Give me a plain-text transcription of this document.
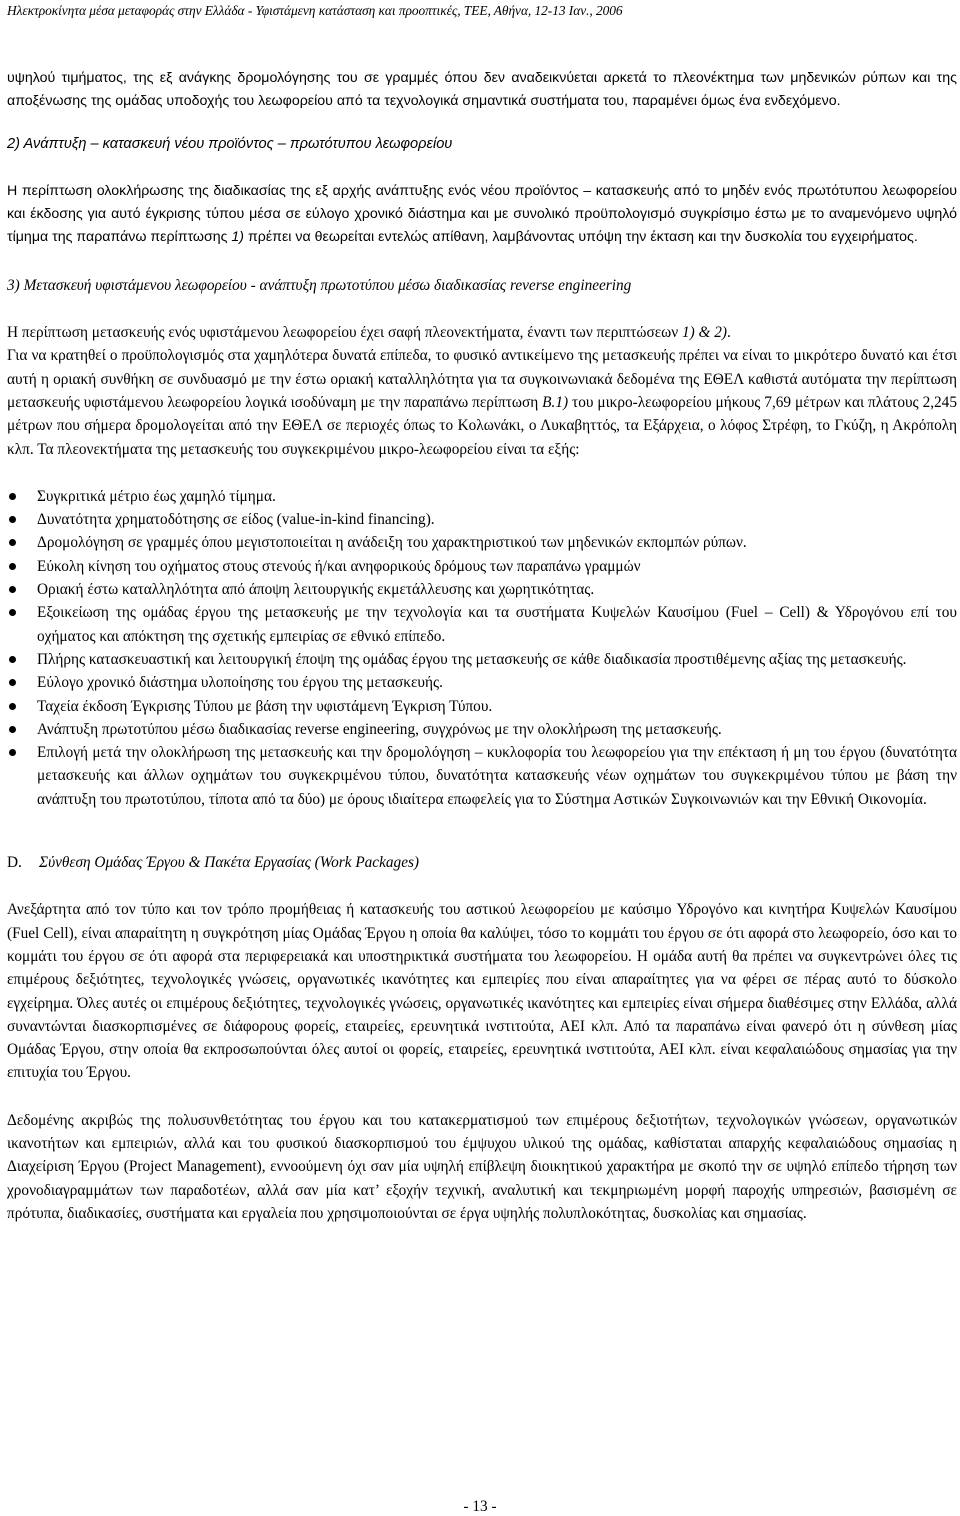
Ηλεκτροκίνητα μέσα μεταφοράς στην Ελλάδα - Υφιστάμενη κατάσταση και προοπτικές, ΤΕΕ, Αθήνα, 12-13 Ιαν., 2006

υψηλού τιμήματος, της εξ ανάγκης δρομολόγησης του σε γραμμές όπου δεν αναδεικνύεται αρκετά το πλεονέκτημα των μηδενικών ρύπων και της αποξένωσης της ομάδας υποδοχής του λεωφορείου από τα τεχνολογικά σημαντικά συστήματα του, παραμένει όμως ένα ενδεχόμενο.

2) Ανάπτυξη – κατασκευή νέου προϊόντος – πρωτότυπου λεωφορείου

Η περίπτωση ολοκλήρωσης της διαδικασίας της εξ αρχής ανάπτυξης ενός νέου προϊόντος – κατασκευής από το μηδέν ενός πρωτότυπου λεωφορείου και έκδοσης για αυτό έγκρισης τύπου μέσα σε εύλογο χρονικό διάστημα και με συνολικό προϋπολογισμό συγκρίσιμο έστω με το αναμενόμενο υψηλό τίμημα της παραπάνω περίπτωσης 1) πρέπει να θεωρείται εντελώς απίθανη, λαμβάνοντας υπόψη την έκταση και την δυσκολία του εγχειρήματος.

3) Μετασκευή υφιστάμενου λεωφορείου - ανάπτυξη πρωτοτύπου μέσω διαδικασίας reverse engineering

Η περίπτωση μετασκευής ενός υφιστάμενου λεωφορείου έχει σαφή πλεονεκτήματα, έναντι των περιπτώσεων 1) & 2).

Για να κρατηθεί ο προϋπολογισμός στα χαμηλότερα δυνατά επίπεδα, το φυσικό αντικείμενο της μετασκευής πρέπει να είναι το μικρότερο δυνατό και έτσι αυτή η οριακή συνθήκη σε συνδυασμό με την έστω οριακή καταλληλότητα για τα συγκοινωνιακά δεδομένα της ΕΘΕΛ καθιστά αυτόματα την περίπτωση μετασκευής υφιστάμενου λεωφορείου λογικά ισοδύναμη με την παραπάνω περίπτωση Β.1) του μικρο-λεωφορείου μήκους 7,69 μέτρων και πλάτους 2,245 μέτρων που σήμερα δρομολογείται από την ΕΘΕΛ σε περιοχές όπως το Κολωνάκι, ο Λυκαβηττός, τα Εξάρχεια, ο λόφος Στρέφη, το Γκύζη, η Ακρόπολη κλπ. Τα πλεονεκτήματα της μετασκευής του συγκεκριμένου μικρο-λεωφορείου είναι τα εξής:

Συγκριτικά μέτριο έως χαμηλό τίμημα.
Δυνατότητα χρηματοδότησης σε είδος (value-in-kind financing).
Δρομολόγηση σε γραμμές όπου μεγιστοποιείται η ανάδειξη του χαρακτηριστικού των μηδενικών εκπομπών ρύπων.
Εύκολη κίνηση του οχήματος στους στενούς ή/και ανηφορικούς δρόμους των παραπάνω γραμμών
Οριακή έστω καταλληλότητα από άποψη λειτουργικής εκμετάλλευσης και χωρητικότητας.
Εξοικείωση της ομάδας έργου της μετασκευής με την τεχνολογία και τα συστήματα Κυψελών Καυσίμου (Fuel – Cell) & Υδρογόνου επί του οχήματος και απόκτηση της σχετικής εμπειρίας σε εθνικό επίπεδο.
Πλήρης κατασκευαστική και λειτουργική έποψη της ομάδας έργου της μετασκευής σε κάθε διαδικασία προστιθέμενης αξίας της μετασκευής.
Εύλογο χρονικό διάστημα υλοποίησης του έργου της μετασκευής.
Ταχεία έκδοση Έγκρισης Τύπου με βάση την υφιστάμενη Έγκριση Τύπου.
Ανάπτυξη πρωτοτύπου μέσω διαδικασίας reverse engineering, συγχρόνως με την ολοκλήρωση της μετασκευής.
Επιλογή μετά την ολοκλήρωση της μετασκευής και την δρομολόγηση – κυκλοφορία του λεωφορείου για την επέκταση ή μη του έργου (δυνατότητα μετασκευής και άλλων οχημάτων του συγκεκριμένου τύπου, δυνατότητα κατασκευής νέων οχημάτων του συγκεκριμένου τύπου με βάση την ανάπτυξη του πρωτοτύπου, τίποτα από τα δύο) με όρους ιδιαίτερα επωφελείς για το Σύστημα Αστικών Συγκοινωνιών και την Εθνική Οικονομία.

D. Σύνθεση Ομάδας Έργου & Πακέτα Εργασίας (Work Packages)

Ανεξάρτητα από τον τύπο και τον τρόπο προμήθειας ή κατασκευής του αστικού λεωφορείου με καύσιμο Υδρογόνο και κινητήρα Κυψελών Καυσίμου (Fuel Cell), είναι απαραίτητη η συγκρότηση μίας Ομάδας Έργου η οποία θα καλύψει, τόσο το κομμάτι του έργου σε ότι αφορά στο λεωφορείο, όσο και το κομμάτι του έργου σε ότι αφορά στα περιφερειακά και υποστηρικτικά συστήματα του λεωφορείου. Η ομάδα αυτή θα πρέπει να συγκεντρώνει όλες τις επιμέρους δεξιότητες, τεχνολογικές γνώσεις, οργανωτικές ικανότητες και εμπειρίες που είναι απαραίτητες για να φέρει σε πέρας αυτό το δύσκολο εγχείρημα. Όλες αυτές οι επιμέρους δεξιότητες, τεχνολογικές γνώσεις, οργανωτικές ικανότητες και εμπειρίες είναι σήμερα διαθέσιμες στην Ελλάδα, αλλά συναντώνται διασκορπισμένες σε διάφορους φορείς, εταιρείες, ερευνητικά ινστιτούτα, ΑΕΙ κλπ. Από τα παραπάνω είναι φανερό ότι η σύνθεση μίας Ομάδας Έργου, στην οποία θα εκπροσωπούνται όλες αυτοί οι φορείς, εταιρείες, ερευνητικά ινστιτούτα, ΑΕΙ κλπ. είναι κεφαλαιώδους σημασίας για την επιτυχία του Έργου.

Δεδομένης ακριβώς της πολυσυνθετότητας του έργου και του κατακερματισμού των επιμέρους δεξιοτήτων, τεχνολογικών γνώσεων, οργανωτικών ικανοτήτων και εμπειριών, αλλά και του φυσικού διασκορπισμού του έμψυχου υλικού της ομάδας, καθίσταται απαρχής κεφαλαιώδους σημασίας η Διαχείριση Έργου (Project Management), εννοούμενη όχι σαν μία υψηλή επίβλεψη διοικητικού χαρακτήρα με σκοπό την σε υψηλό επίπεδο τήρηση των χρονοδιαγραμμάτων των παραδοτέων, αλλά σαν μία κατ’ εξοχήν τεχνική, αναλυτική και τεκμηριωμένη μορφή παροχής υπηρεσιών, βασισμένη σε πρότυπα, διαδικασίες, συστήματα και εργαλεία που χρησιμοποιούνται σε έργα υψηλής πολυπλοκότητας, δυσκολίας και σημασίας.

- 13 -
